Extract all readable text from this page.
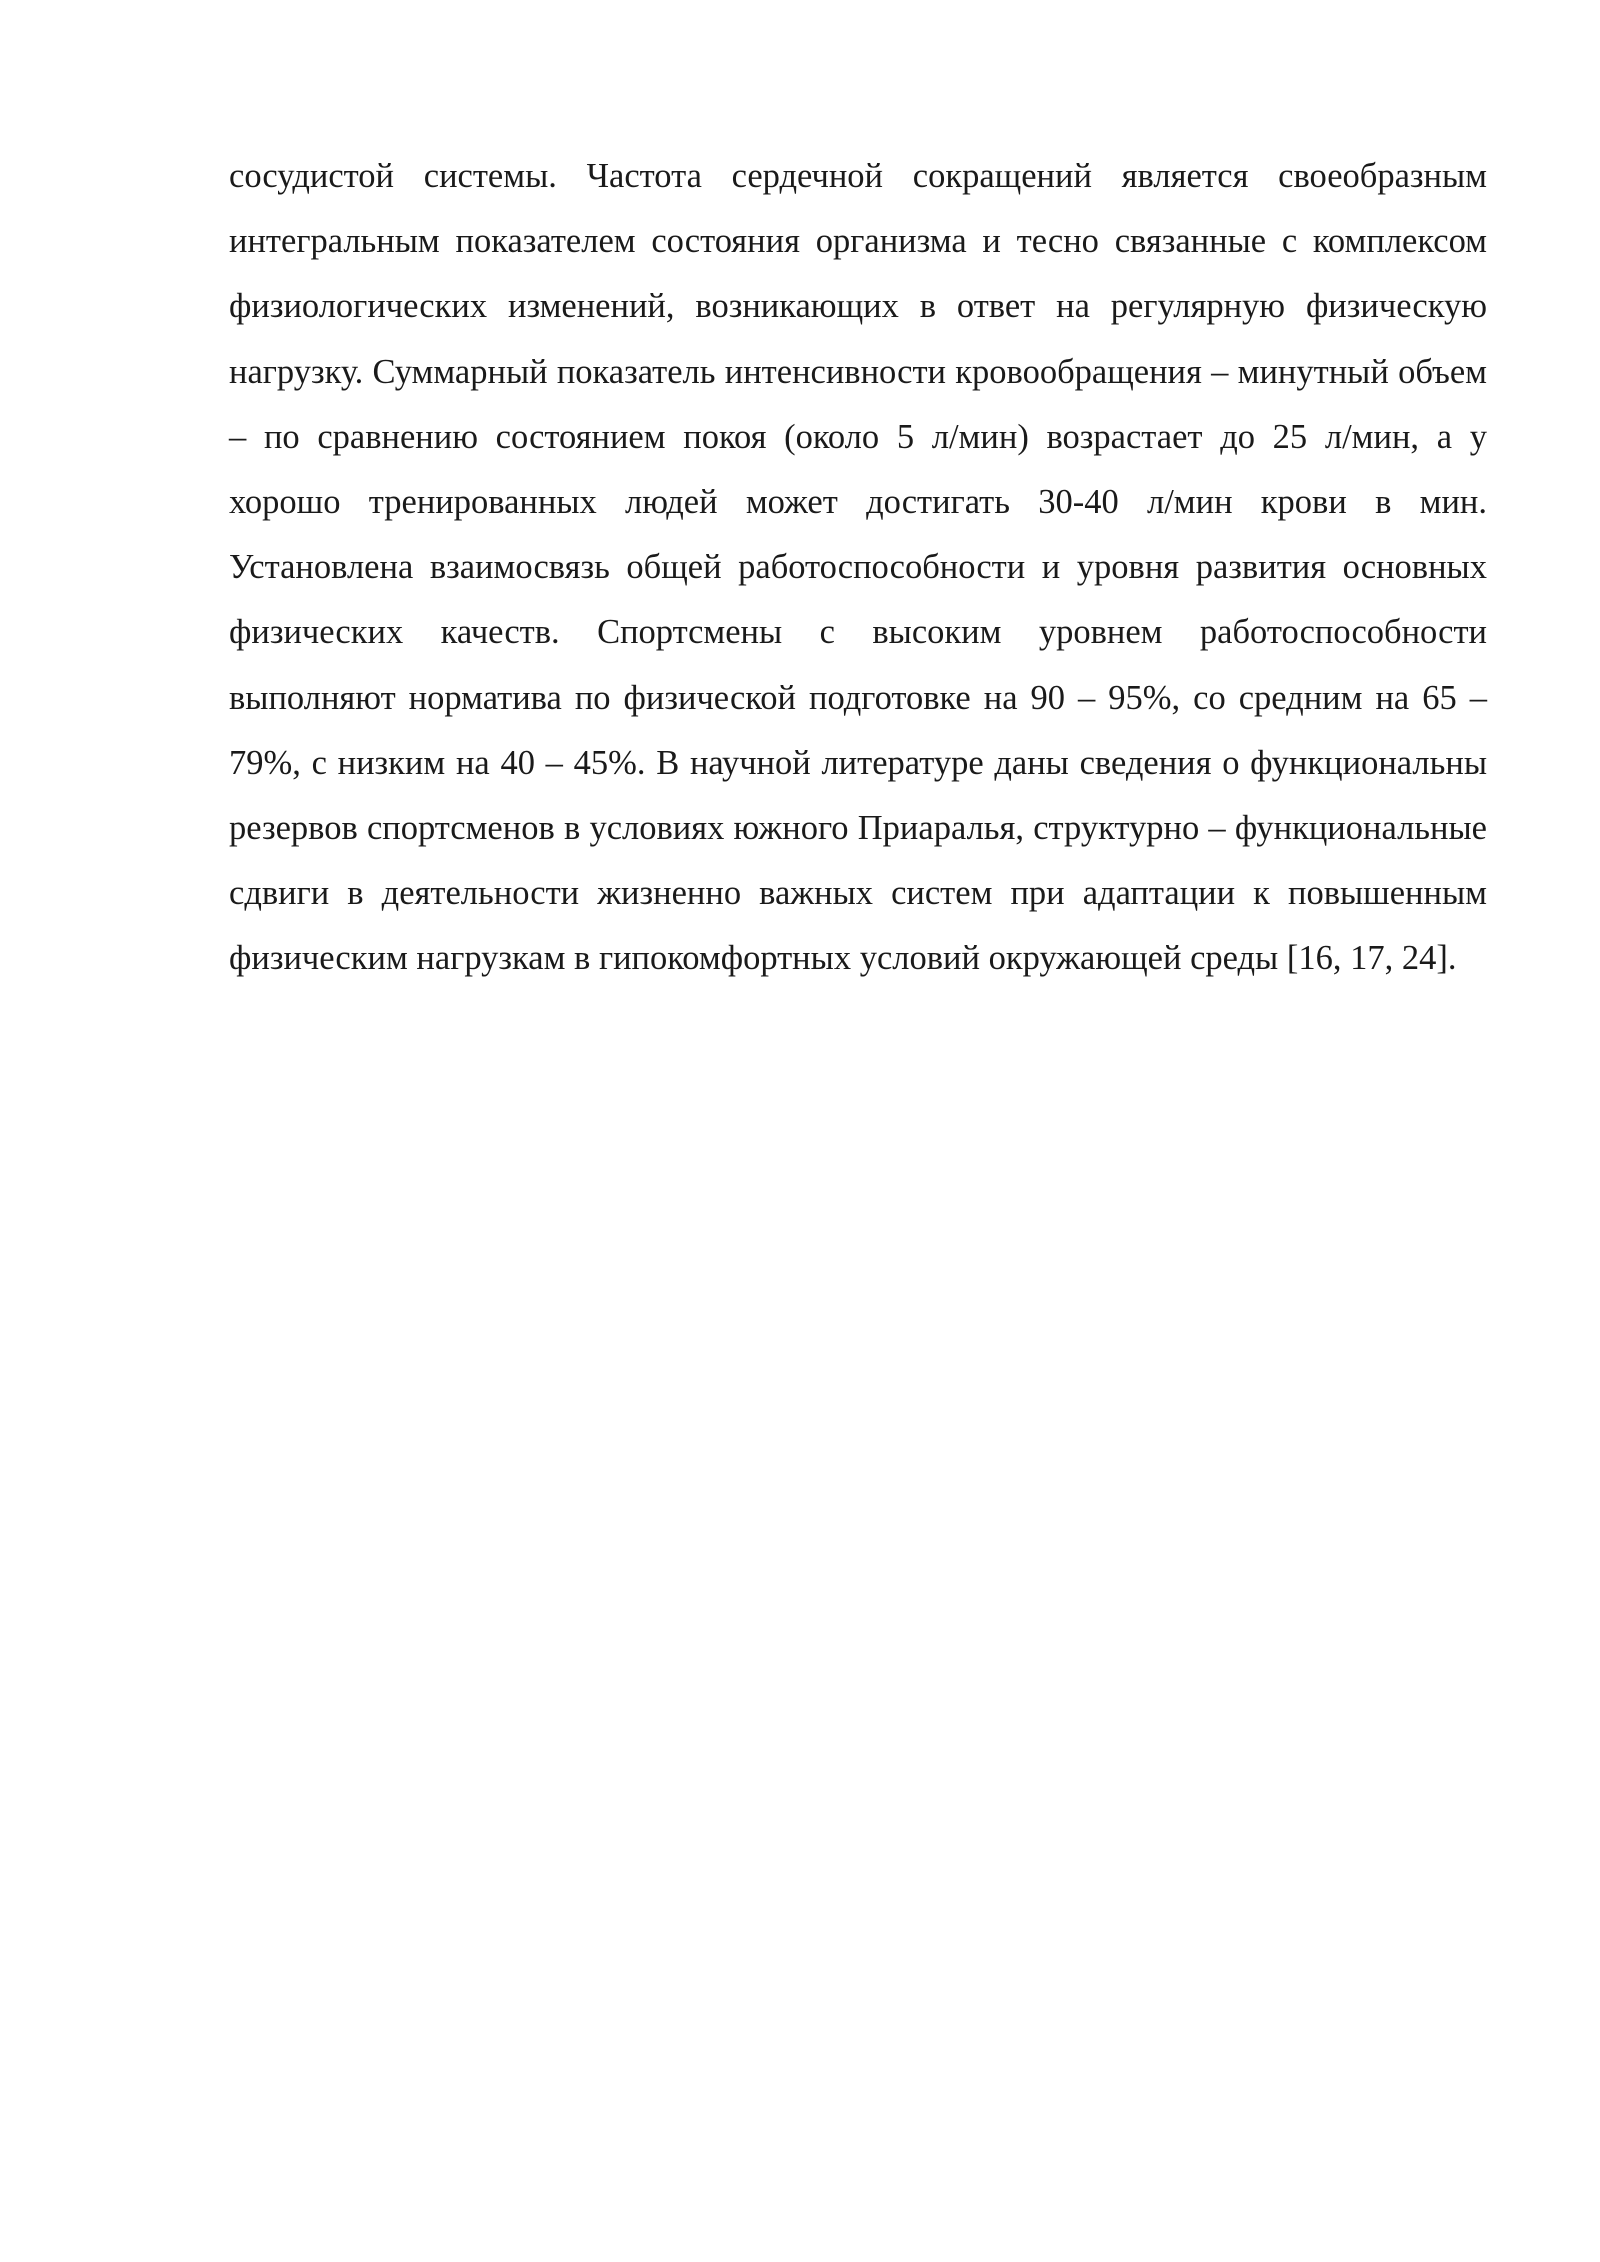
сосудистой системы. Частота сердечной сокращений является своеобразным интегральным показателем состояния организма и тесно связанные с комплексом физиологических изменений, возникающих в ответ на регулярную физическую нагрузку. Суммарный показатель интенсивности кровообращения – минутный объем – по сравнению состоянием покоя (около 5 л/мин) возрастает до 25 л/мин, а у хорошо тренированных людей может достигать 30-40 л/мин крови в мин. Установлена взаимосвязь общей работоспособности и уровня развития основных физических качеств. Спортсмены с высоким уровнем работоспособности выполняют норматива по физической подготовке на 90 – 95%, со средним на 65 – 79%, с низким на 40 – 45%. В научной литературе даны сведения о функциональны резервов спортсменов в условиях южного Приаралья, структурно – функциональные сдвиги в деятельности жизненно важных систем при адаптации к повышенным физическим нагрузкам в гипокомфортных условий окружающей среды [16, 17, 24].
